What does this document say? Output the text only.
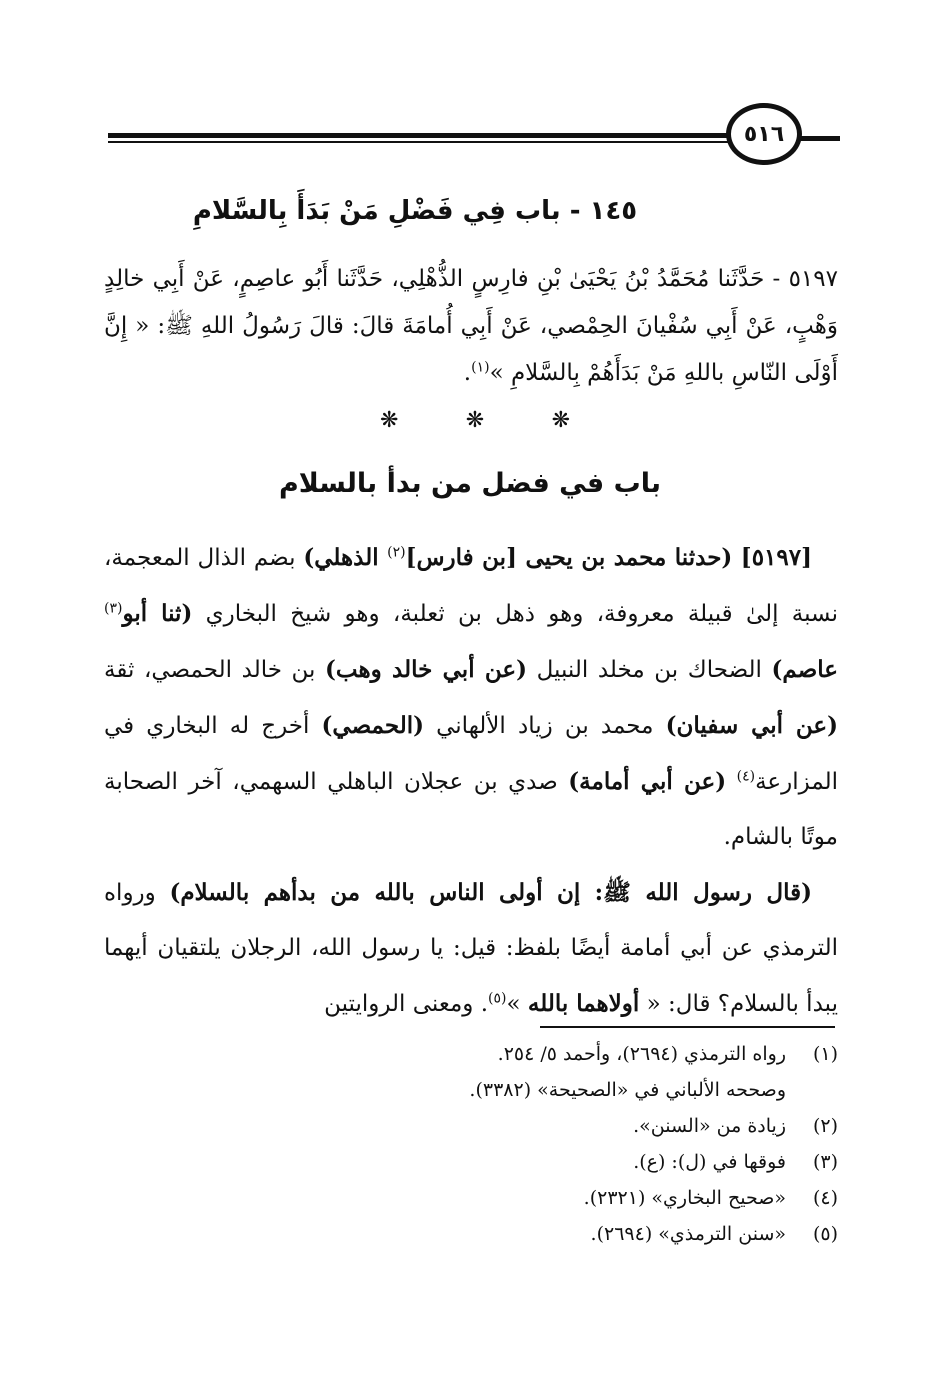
٥١٦
١٤٥ - باب فِي فَضْلِ مَنْ بَدَأَ بِالسَّلامِ
٥١٩٧ - حَدَّثَنا مُحَمَّدُ بْنُ يَحْيَىٰ بْنِ فارِسٍ الذُّهْلِي، حَدَّثَنا أَبُو عاصِمٍ، عَنْ أَبِي خالِدٍ وَهْبٍ، عَنْ أَبِي سُفْيانَ الحِمْصي، عَنْ أَبِي أُمامَةَ قالَ: قالَ رَسُولُ اللهِ ﷺ: « إِنَّ أَوْلَى النّاسِ باللهِ مَنْ بَدَأَهُمْ بِالسَّلامِ »$^{(١)}$.
❋	❋	❋
باب في فضل من بدأ بالسلام

[٥١٩٧] (حدثنا محمد بن يحيى [بن فارس]$^{(٢)}$ الذهلي) بضم الذال المعجمة، نسبة إلىٰ قبيلة معروفة، وهو ذهل بن ثعلبة، وهو شيخ البخاري (ثنا أبو$^{(٣)}$ عاصم) الضحاك بن مخلد النبيل (عن أبي خالد وهب) بن خالد الحمصي، ثقة (عن أبي سفيان) محمد بن زياد الألهاني (الحمصي) أخرج له البخاري في المزارعة$^{(٤)}$ (عن أبي أمامة) صدي بن عجلان الباهلي السهمي، آخر الصحابة موتًا بالشام.

(قال رسول الله ﷺ: إن أولى الناس بالله من بدأهم بالسلام) ورواه الترمذي عن أبي أمامة أيضًا بلفظ: قيل: يا رسول الله، الرجلان يلتقيان أيهما يبدأ بالسلام؟ قال: « أولاهما بالله »$^{(٥)}$. ومعنى الروايتين

(١)رواه الترمذي (٢٦٩٤)، وأحمد ٥/ ٢٥٤.
وصححه الألباني في «الصحيحة» (٣٣٨٢).
(٢)زيادة من «السنن».
(٣)فوقها في (ل): (ع).
(٤)«صحيح البخاري» (٢٣٢١).
(٥)«سنن الترمذي» (٢٦٩٤).
